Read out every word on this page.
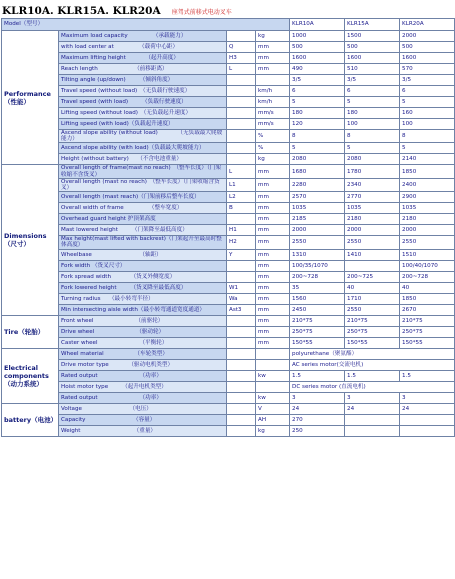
KLR10A. KLR15A. KLR20A 座驾式前移式电动叉车
Model（型号）				KLR10A	KLR15A	KLR20A
Performance（性能）	Maximum load capacity　　　　　（承载能力）		kg	1000	1500	2000
	with load center at　　　　　（载荷中心距）	Q	mm	500	500	500
	Maximum lifting height　　　　（起升高度）	H3	mm	1600	1600	1600
	Reach length　　　　　　　（前移距离）	L	mm	490	510	570
	Tilting angle (up/down)　　　（倾斜角度）			3/5	3/5	3/5
	Travel speed (without load)　（无负载行驶速度）		km/h	6	6	6
	Travel speed (with load)　　　（负载行驶速度）		km/h	5	5	5
	Lifting speed (without load)　（无负载起升速度）		mm/s	180	180	160
	Lifting speed (with load)（负载起升速度）		mm/s	120	100	100
	Ascend slope ability (without load)　　　　（无负载最大爬坡能力）		%	8	8	8
	Ascend slope ability (with load)（负载最大爬坡能力）		%	5	5	5
	Height (without battery)　　（不含电池重量）		kg	2080	2080	2140
Dimensions（尺寸）	Overall length of frame(mast no reach)　（整车长度）（门架收缩不含货叉）	L	mm	1680	1780	1850
	Overall length (mast no reach)　（整车长度）（门架收缩含货叉）	L1	mm	2280	2340	2400
	Overall length (mast reach)（门架前移后整车长度）	L2	mm	2570	2770	2900
	Overall width of frame　　　　　（整车宽度）	B	mm	1035	1035	1035
	Overhead guard height 护顶架高度		mm	2185	2180	2180
	Mast lowered height　　　（门架降至最低高度）	H1	mm	2000	2000	2000
	Max height(mast lifted with backrest)（门架起升至最高时整体高度）	H2	mm	2550	2550	2550
	Wheelbase　　　　　　　　　（轴距）	Y	mm	1310	1410	1510
	Fork width （货叉尺寸）		mm	100/35/1070		100/40/1070
	Fork spread width　　　　（货叉外侧宽度）		mm	200~728	200~725	200~728
	Fork lowered height　　　（货叉降至最低高度）	W1	mm	35	40	40
	Turning radius　　（最小转弯半径）	Wa	mm	1560	1710	1850
	Min intersecting aisle width（最小转弯通道宽度通道）	Ast3	mm	2450	2550	2670
Tire（轮胎）	Front wheel　　　　　　　　（前驱轮）		mm	210*75	210*75	210*75
	Drive wheel　　　　　　　　（驱动轮）		mm	250*75	250*75	250*75
	Caster wheel　　　　　　　　（平衡轮）		mm	150*55	150*55	150*55
Electrical components（动力系统）	Wheel material　　　　　　（车轮类型）			polyurethane（聚氨酯）		
	Drive motor type　　　　（驱动电机类型）			AC series motor(交流电机)		
	Rated output　　　　　　　　（功率）		kw	1.5	1.5	1.5
	Hoist motor type　　　（起升电机类型）			DC series motor (直流电机)		
	Rated output　　　　　　　　（功率）		kw	3	3	3
battery（电池）	Voltage　　　　　　　　　（电压）		V	24	24	24
	Capacity　　　　　　　　　（容量）		AH	270		
	Weight　　　　　　　　　　（重量）		kg	250		
